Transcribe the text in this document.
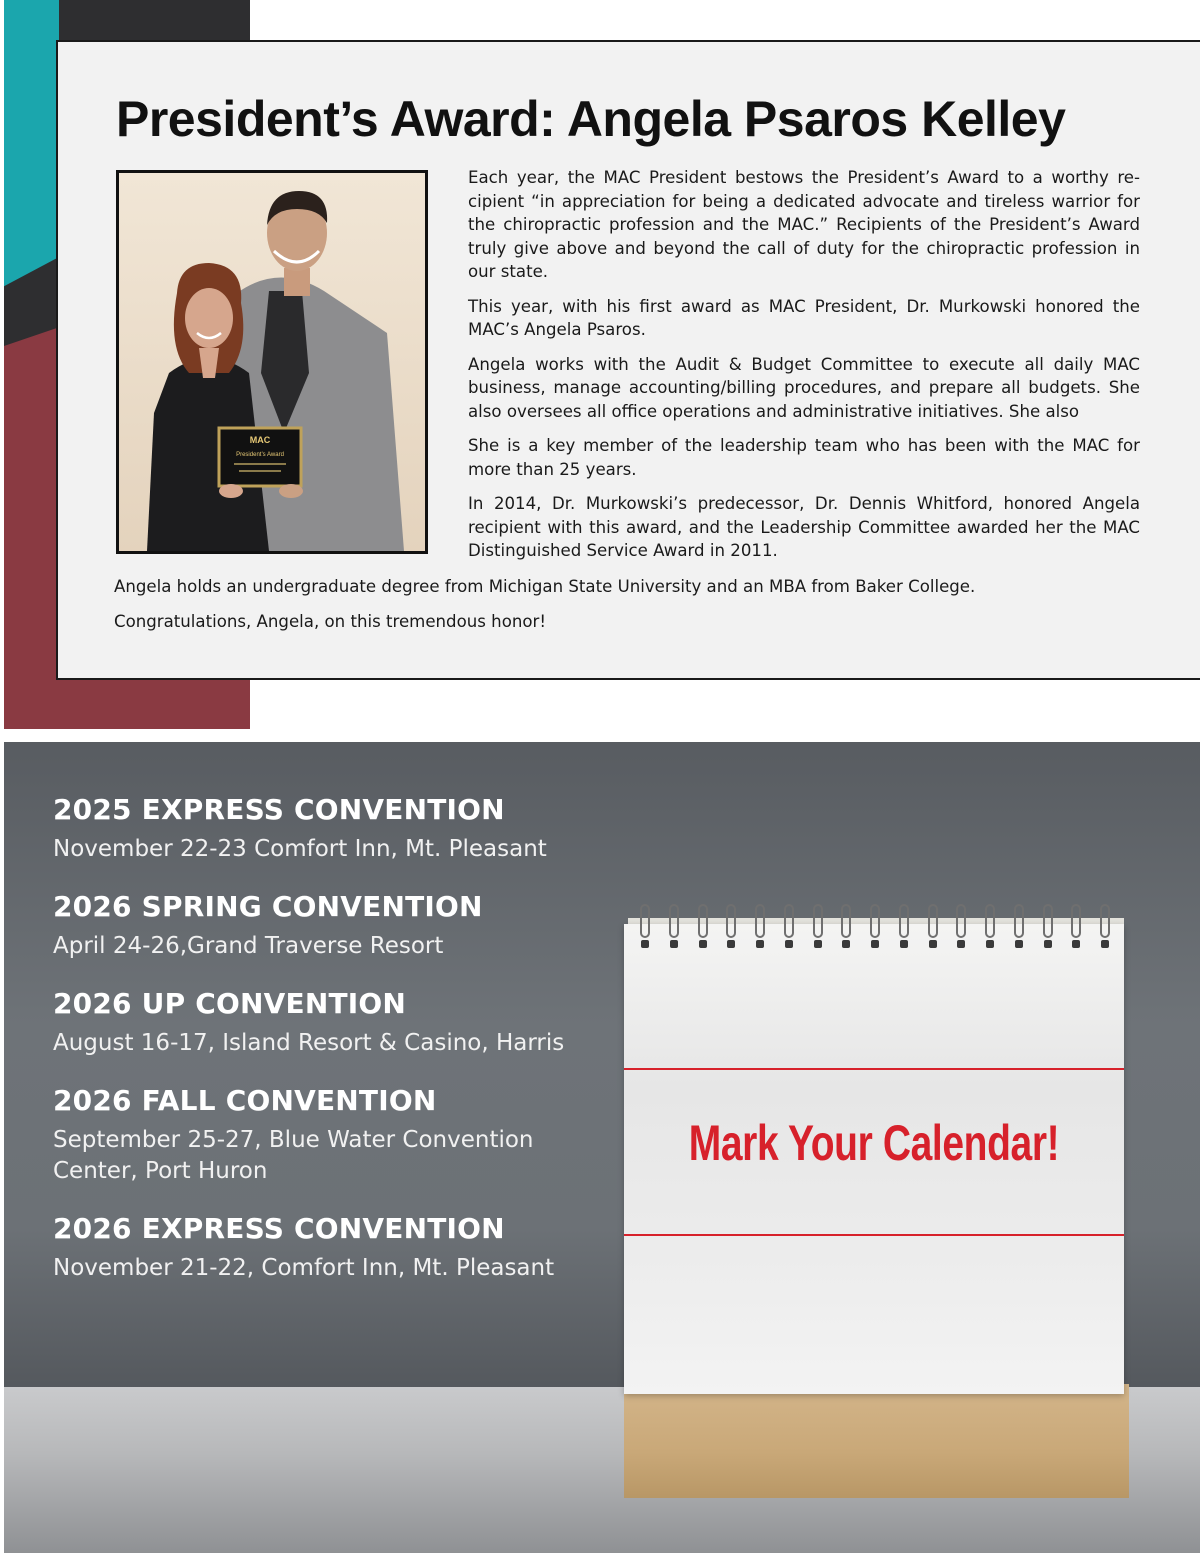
President’s Award: Angela Psaros Kelley
MAC
President’s Award

Each year, the MAC President bestows the President’s Award to a worthy re-cipient “in appreciation for being a dedicated advocate and tireless warrior for the chiropractic profession and the MAC.” Recipients of the President’s Award truly give above and beyond the call of duty for the chiropractic profession in our state.

This year, with his first award as MAC President, Dr. Murkowski honored the MAC’s Angela Psaros.

Angela works with the Audit & Budget Committee to execute all daily MAC business, manage accounting/billing procedures, and prepare all budgets. She also oversees all office operations and administrative initiatives. She also

She is a key member of the leadership team who has been with the MAC for more than 25 years.

In 2014, Dr. Murkowski’s predecessor, Dr. Dennis Whitford, honored Angela recipient with this award, and the Leadership Committee awarded her the MAC Distinguished Service Award in 2011.

Angela holds an undergraduate degree from Michigan State University and an MBA from Baker College.

Congratulations, Angela, on this tremendous honor!

2025 EXPRESS CONVENTION

November 22-23 Comfort Inn, Mt. Pleasant

2026 SPRING CONVENTION

April 24-26,Grand Traverse Resort

2026 UP CONVENTION

August 16-17, Island Resort & Casino, Harris

2026 FALL CONVENTION

September 25-27, Blue Water Convention Center, Port Huron

2026 EXPRESS CONVENTION

November 21-22, Comfort Inn, Mt. Pleasant

Mark Your Calendar!
